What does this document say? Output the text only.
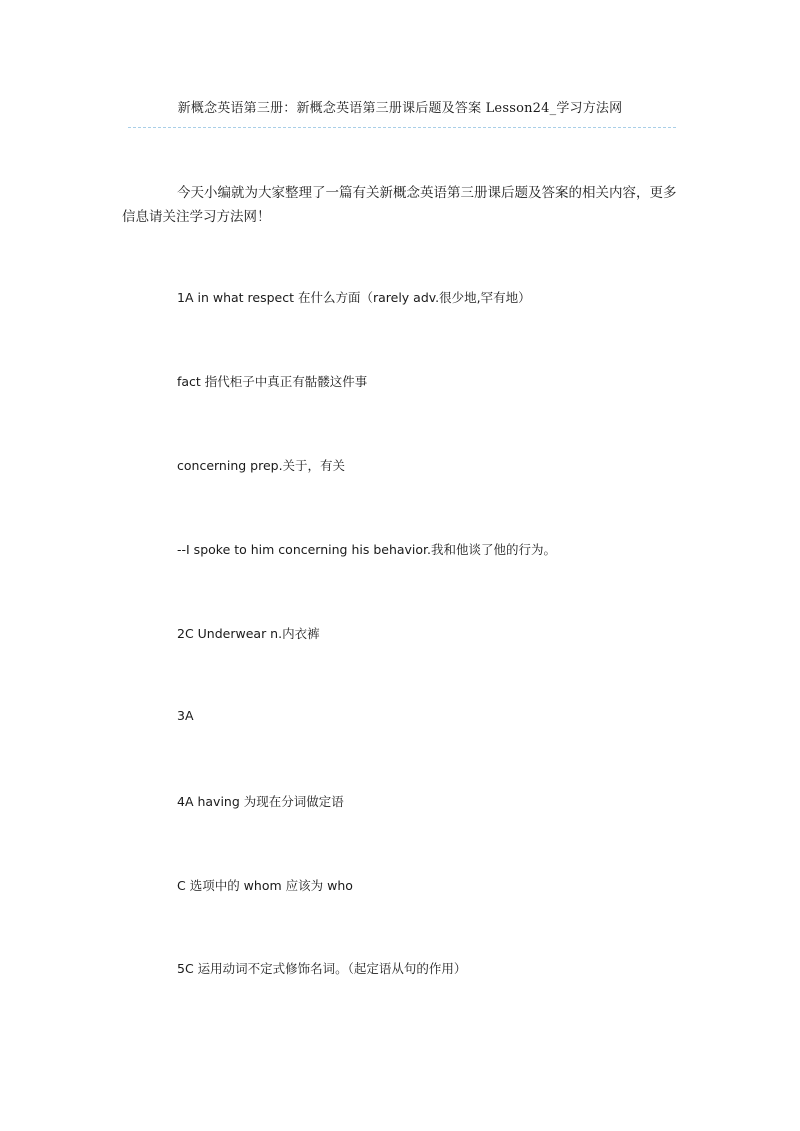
新概念英语第三册：新概念英语第三册课后题及答案 Lesson24_学习方法网

今天小编就为大家整理了一篇有关新概念英语第三册课后题及答案的相关内容，更多信息请关注学习方法网！

1A in what respect 在什么方面（rarely adv.很少地,罕有地）

fact 指代柜子中真正有骷髅这件事

concerning prep.关于，有关

--I spoke to him concerning his behavior.我和他谈了他的行为。

2C Underwear n.内衣裤

3A

4A having 为现在分词做定语

C 选项中的 whom 应该为 who

5C 运用动词不定式修饰名词。（起定语从句的作用）
